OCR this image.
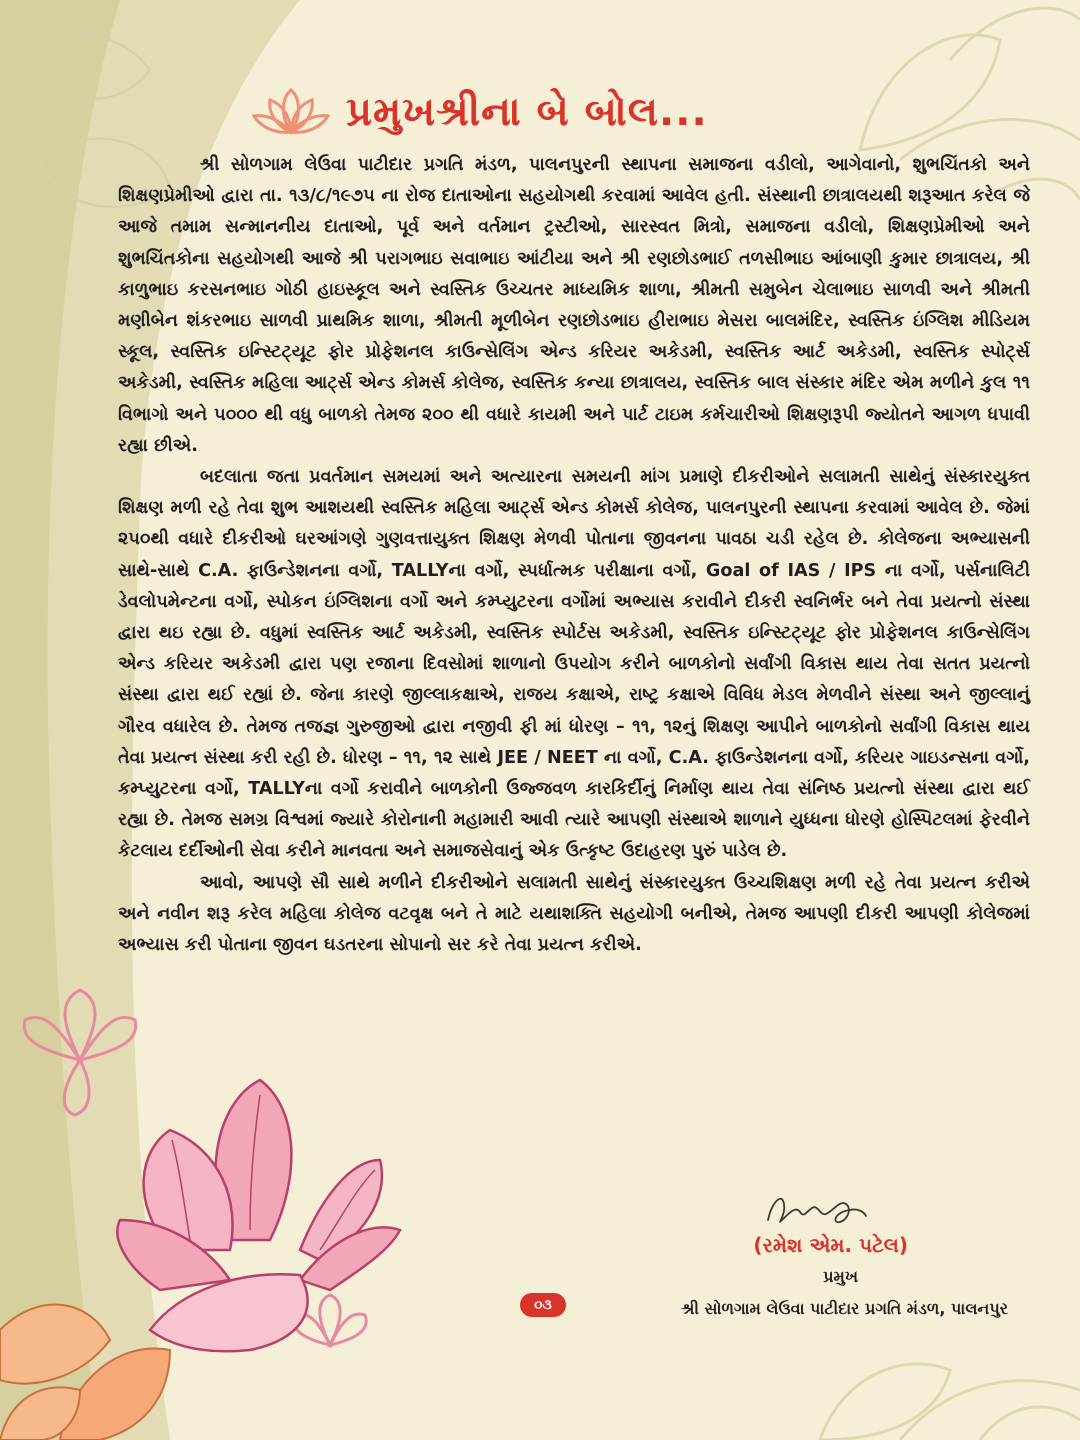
પ્રમુખશ્રીના બે બોલ...

શ્રી સોળગામ લેઉવા પાટીદાર પ્રગતિ મંડળ, પાલનપુરની સ્થાપના સમાજના વડીલો, આગેવાનો, શુભચિંતકો અને શિક્ષણપ્રેમીઓ દ્વારા તા. ૧૩/૮/૧૯૭૫ ના રોજ દાતાઓના સહયોગથી કરવામાં આવેલ હતી. સંસ્થાની છાત્રાલયથી શરૂઆત કરેલ જે આજે તમામ સન્માનનીય દાતાઓ, પૂર્વ અને વર્તમાન ટ્રસ્ટીઓ, સારસ્વત મિત્રો, સમાજના વડીલો, શિક્ષણપ્રેમીઓ અને શુભચિંતકોના સહયોગથી આજે શ્રી પરાગભાઇ સવાભાઇ આંટીયા અને શ્રી રણછોડભાઈ તળસીભાઇ આંબાણી કુમાર છાત્રાલય, શ્રી કાળુભાઇ કરસનભાઇ ગોઠી હાઇસ્કૂલ અને સ્વસ્તિક ઉચ્ચતર માધ્યમિક શાળા, શ્રીમતી સમુબેન ચેલાભાઇ સાળવી અને શ્રીમતી મણીબેન શંકરભાઇ સાળવી પ્રાથમિક શાળા, શ્રીમતી મૂળીબેન રણછોડભાઇ હીરાભાઇ મેસરા બાલમંદિર, સ્વસ્તિક ઇંગ્લિશ મીડિયમ સ્કૂલ, સ્વસ્તિક ઇન્સ્ટિટ્યૂટ ફોર પ્રોફેશનલ કાઉન્સેલિંગ એન્ડ કરિયર અકેડમી, સ્વસ્તિક આર્ટ અકેડમી, સ્વસ્તિક સ્પોર્ટ્સ અકેડમી, સ્વસ્તિક મહિલા આર્ટ્સ એન્ડ કોમર્સ કોલેજ, સ્વસ્તિક કન્યા છાત્રાલય, સ્વસ્તિક બાલ સંસ્કાર મંદિર એમ મળીને કુલ ૧૧ વિભાગો અને ૫૦૦૦ થી વધુ બાળકો તેમજ ૨૦૦ થી વધારે કાયમી અને પાર્ટ ટાઇમ કર્મચારીઓ શિક્ષણરૂપી જ્યોતને આગળ ધપાવી રહ્યા છીએ.

બદલાતા જતા પ્રવર્તમાન સમયમાં અને અત્યારના સમયની માંગ પ્રમાણે દીકરીઓને સલામતી સાથેનું સંસ્કારયુક્ત શિક્ષણ મળી રહે તેવા શુભ આશયથી સ્વસ્તિક મહિલા આર્ટ્સ એન્ડ કોમર્સ કોલેજ, પાલનપુરની સ્થાપના કરવામાં આવેલ છે. જેમાં ૨૫૦થી વધારે દીકરીઓ ઘરઆંગણે ગુણવત્તાયુક્ત શિક્ષણ મેળવી પોતાના જીવનના પાવઠા ચડી રહેલ છે. કોલેજના અભ્યાસની સાથે-સાથે C.A. ફાઉન્ડેશનના વર્ગો, TALLYના વર્ગો, સ્પર્ધાત્મક પરીક્ષાના વર્ગો, Goal of IAS / IPS ના વર્ગો, પર્સનાલિટી ડેવલોપમેન્ટના વર્ગો, સ્પોકન ઇંગ્લિશના વર્ગો અને કમ્પ્યુટરના વર્ગોમાં અભ્યાસ કરાવીને દીકરી સ્વનિર્ભર બને તેવા પ્રયત્નો સંસ્થા દ્વારા થઇ રહ્યા છે. વધુમાં સ્વસ્તિક આર્ટ અકેડમી, સ્વસ્તિક સ્પોર્ટસ અકેડમી, સ્વસ્તિક ઇન્સ્ટિટ્યૂટ ફોર પ્રોફેશનલ કાઉન્સેલિંગ એન્ડ કરિયર અકેડમી દ્વારા પણ રજાના દિવસોમાં શાળાનો ઉપયોગ કરીને બાળકોનો સર્વાંગી વિકાસ થાય તેવા સતત પ્રયત્નો સંસ્થા દ્વારા થઈ રહ્યાં છે. જેના કારણે જીલ્લાકક્ષાએ, રાજય કક્ષાએ, રાષ્ટ્ર કક્ષાએ વિવિધ મેડલ મેળવીને સંસ્થા અને જીલ્લાનું ગૌરવ વધારેલ છે. તેમજ તજજ્ઞ ગુરુજીઓ દ્વારા નજીવી ફી માં ધોરણ – ૧૧, ૧૨નું શિક્ષણ આપીને બાળકોનો સર્વાંગી વિકાસ થાય તેવા પ્રયત્ન સંસ્થા કરી રહી છે. ધોરણ – ૧૧, ૧૨ સાથે JEE / NEET ના વર્ગો, C.A. ફાઉન્ડેશનના વર્ગો, કરિયર ગાઇડન્સના વર્ગો, કમ્પ્યુટરના વર્ગો, TALLYના વર્ગો કરાવીને બાળકોની ઉજ્જવળ કારકિર્દીનું નિર્માણ થાય તેવા સંનિષ્ઠ પ્રયત્નો સંસ્થા દ્વારા થઈ રહ્યા છે. તેમજ સમગ્ર વિશ્વમાં જ્યારે કોરોનાની મહામારી આવી ત્યારે આપણી સંસ્થાએ શાળાને યુધ્ધના ધોરણે હોસ્પિટલમાં ફેરવીને કેટલાય દર્દીઓની સેવા કરીને માનવતા અને સમાજસેવાનું એક ઉત્કૃષ્ટ ઉદાહરણ પુરું પાડેલ છે.

આવો, આપણે સૌ સાથે મળીને દીકરીઓને સલામતી સાથેનું સંસ્કારયુક્ત ઉચ્ચશિક્ષણ મળી રહે તેવા પ્રયત્ન કરીએ અને નવીન શરૂ કરેલ મહિલા કોલેજ વટવૃક્ષ બને તે માટે યથાશક્તિ સહયોગી બનીએ, તેમજ આપણી દીકરી આપણી કોલેજમાં અભ્યાસ કરી પોતાના જીવન ઘડતરના સોપાનો સર કરે તેવા પ્રયત્ન કરીએ.

(રમેશ એમ. પટેલ)
પ્રમુખ
શ્રી સોળગામ લેઉવા પાટીદાર પ્રગતિ મંડળ, પાલનપુર
૦૩
